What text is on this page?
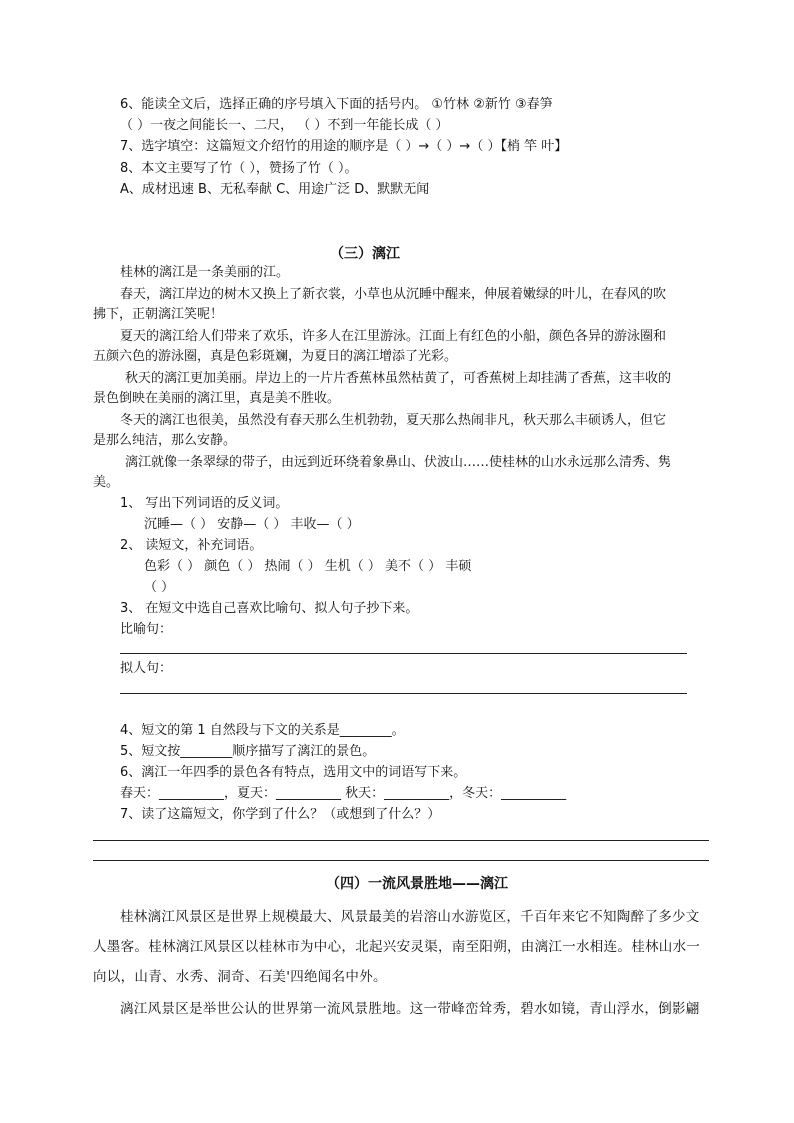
6、能读全文后，选择正确的序号填入下面的括号内。 ①竹林 ②新竹 ③春笋
（ ）一夜之间能长一、二尺， （ ）不到一年能长成（ ）
7、选字填空：这篇短文介绍竹的用途的顺序是（ ）→（ ）→（ ）【梢 竿 叶】
8、本文主要写了竹（ ），赞扬了竹（ ）。
A、成材迅速 B、无私奉献 C、用途广泛 D、默默无闻
（三）漓江
桂林的漓江是一条美丽的江。
春天，漓江岸边的树木又换上了新衣裳，小草也从沉睡中醒来，伸展着嫩绿的叶儿，在春风的吹
拂下，正朝漓江笑呢！
夏天的漓江给人们带来了欢乐，许多人在江里游泳。江面上有红色的小船，颜色各异的游泳圈和
五颜六色的游泳圈，真是色彩斑斓，为夏日的漓江增添了光彩。
秋天的漓江更加美丽。岸边上的一片片香蕉林虽然枯黄了，可香蕉树上却挂满了香蕉，这丰收的
景色倒映在美丽的漓江里，真是美不胜收。
冬天的漓江也很美，虽然没有春天那么生机勃勃，夏天那么热闹非凡，秋天那么丰硕诱人，但它
是那么纯洁，那么安静。
漓江就像一条翠绿的带子，由远到近环绕着象鼻山、伏波山……使桂林的山水永远那么清秀、隽
美。
1、 写出下列词语的反义词。
沉睡—（ ） 安静—（ ） 丰收—（ ）
2、 读短文，补充词语。
色彩（ ） 颜色（ ） 热闹（ ） 生机（ ） 美不（ ） 丰硕
（ ）
3、 在短文中选自己喜欢比喻句、拟人句子抄下来。
比喻句：
拟人句：
4、短文的第 1 自然段与下文的关系是________。
5、短文按________顺序描写了漓江的景色。
6、漓江一年四季的景色各有特点，选用文中的词语写下来。
春天：__________，夏天：__________ 秋天：__________，冬天：__________
7、读了这篇短文，你学到了什么？（或想到了什么？）
（四）一流风景胜地——漓江
桂林漓江风景区是世界上规模最大、风景最美的岩溶山水游览区，千百年来它不知陶醉了多少文
人墨客。桂林漓江风景区以桂林市为中心，北起兴安灵渠，南至阳朔，由漓江一水相连。桂林山水一
向以，山青、水秀、洞奇、石美'四绝闻名中外。
漓江风景区是举世公认的世界第一流风景胜地。这一带峰峦耸秀，碧水如镜，青山浮水，倒影翩
